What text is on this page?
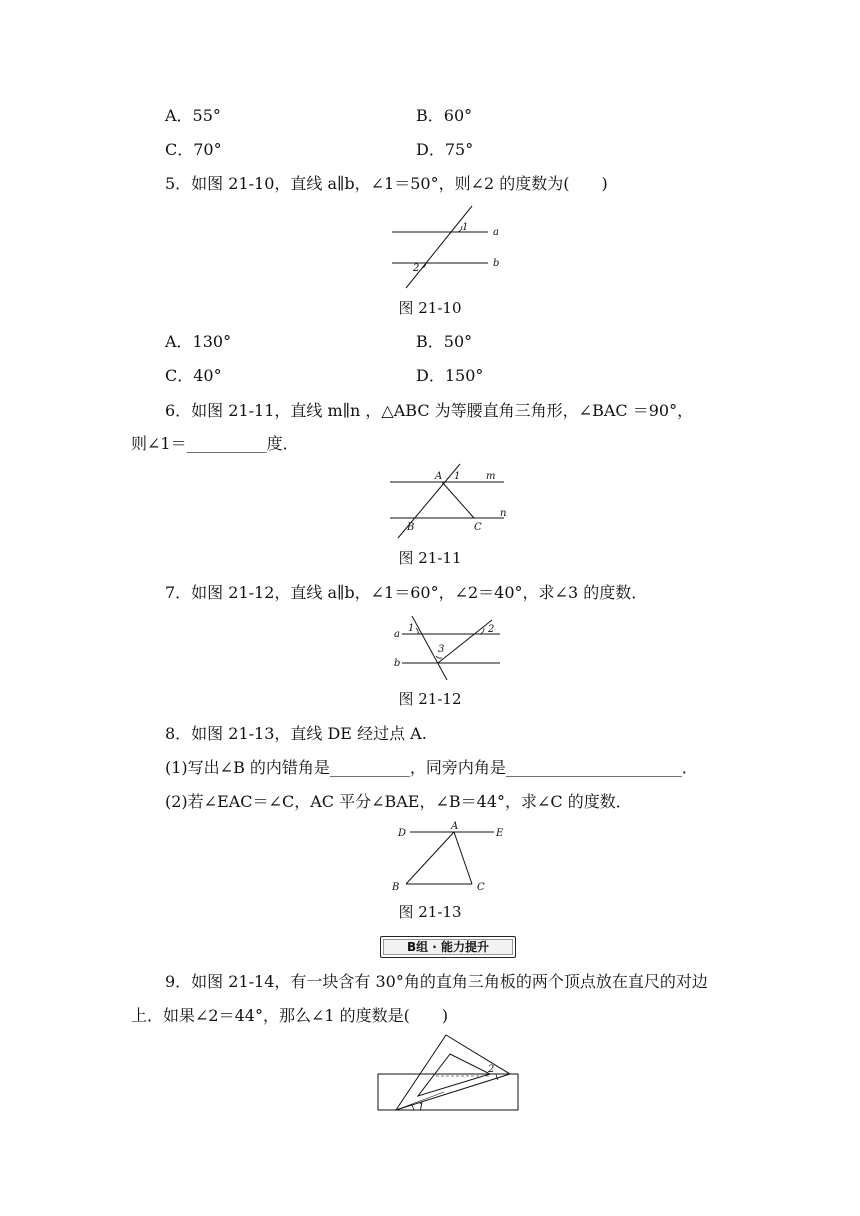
A．55°	B．60°
C．70°	D．75°
5．如图 21-10，直线 a∥b，∠1＝50°，则∠2 的度数为(　　)
1
2
a
b
图 21-10
A．130°	B．50°
C．40°	D．150°
6．如图 21-11，直线 m∥n ，△ABC 为等腰直角三角形，∠BAC ＝90°，
则∠1＝__________度．
A 1	m
B	C
n
图 21-11
7．如图 21-12，直线 a∥b，∠1＝60°，∠2＝40°，求∠3 的度数．
a
b
1	2
3
图 21-12
8．如图 21-13，直线 DE 经过点 A.
(1)写出∠B 的内错角是__________，同旁内角是______________________．
(2)若∠EAC＝∠C，AC 平分∠BAE，∠B＝44°，求∠C 的度数．
D
A
E
B	C
图 21-13
B组 · 能力提升
9．如图 21-14，有一块含有 30°角的直角三角板的两个顶点放在直尺的对边
上．如果∠2＝44°，那么∠1 的度数是(　　)
2
1
